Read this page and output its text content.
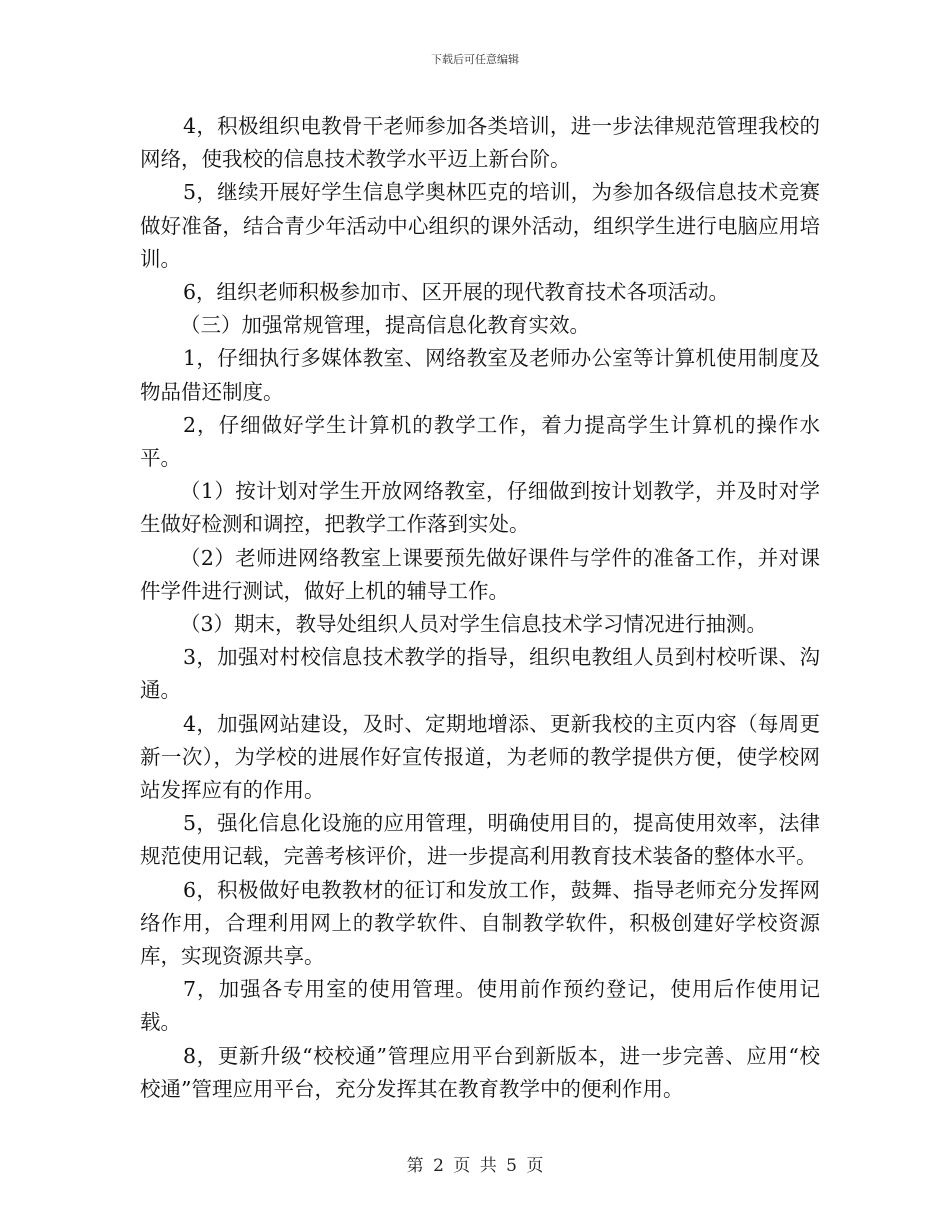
下载后可任意编辑

4，积极组织电教骨干老师参加各类培训，进一步法律规范管理我校的网络，使我校的信息技术教学水平迈上新台阶。

5，继续开展好学生信息学奥林匹克的培训，为参加各级信息技术竞赛做好准备，结合青少年活动中心组织的课外活动，组织学生进行电脑应用培训。

6，组织老师积极参加市、区开展的现代教育技术各项活动。

（三）加强常规管理，提高信息化教育实效。

1，仔细执行多媒体教室、网络教室及老师办公室等计算机使用制度及物品借还制度。

2，仔细做好学生计算机的教学工作，着力提高学生计算机的操作水平。

（1）按计划对学生开放网络教室，仔细做到按计划教学，并及时对学生做好检测和调控，把教学工作落到实处。

（2）老师进网络教室上课要预先做好课件与学件的准备工作，并对课件学件进行测试，做好上机的辅导工作。

（3）期末，教导处组织人员对学生信息技术学习情况进行抽测。

3，加强对村校信息技术教学的指导，组织电教组人员到村校听课、沟通。

4，加强网站建设，及时、定期地增添、更新我校的主页内容（每周更新一次），为学校的进展作好宣传报道，为老师的教学提供方便，使学校网站发挥应有的作用。

5，强化信息化设施的应用管理，明确使用目的，提高使用效率，法律规范使用记载，完善考核评价，进一步提高利用教育技术装备的整体水平。

6，积极做好电教教材的征订和发放工作，鼓舞、指导老师充分发挥网络作用，合理利用网上的教学软件、自制教学软件，积极创建好学校资源库，实现资源共享。

7，加强各专用室的使用管理。使用前作预约登记，使用后作使用记载。

8，更新升级“校校通”管理应用平台到新版本，进一步完善、应用“校校通”管理应用平台，充分发挥其在教育教学中的便利作用。

第 2 页 共 5 页
